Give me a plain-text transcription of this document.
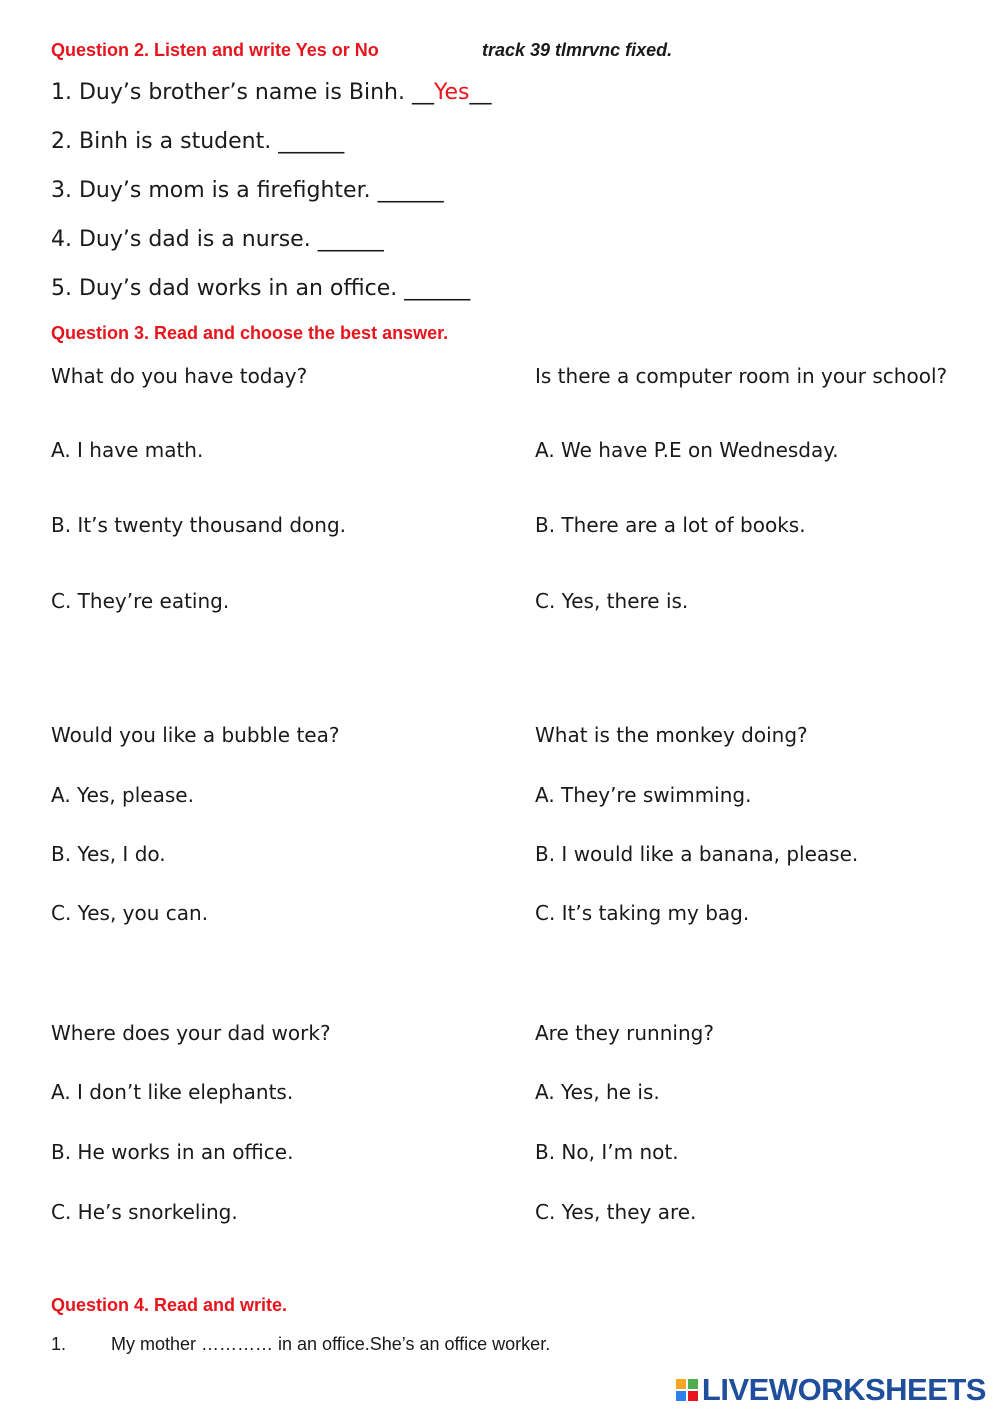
Question 2. Listen and write Yes or No	track 39 tlmrvnc fixed.
1. Duy’s brother’s name is Binh. __Yes__
2. Binh is a student. ______
3. Duy’s mom is a firefighter. ______
4. Duy’s dad is a nurse. ______
5. Duy’s dad works in an office. ______
Question 3. Read and choose the best answer.
What do you have today?
A. I have math.
B. It’s twenty thousand dong.
C. They’re eating.
Is there a computer room in your school?
A. We have P.E on Wednesday.
B. There are a lot of books.
C. Yes, there is.
Would you like a bubble tea?
A. Yes, please.
B. Yes, I do.
C. Yes, you can.
What is the monkey doing?
A. They’re swimming.
B. I would like a banana, please.
C. It’s taking my bag.
Where does your dad work?
A. I don’t like elephants.
B. He works in an office.
C. He’s snorkeling.
Are they running?
A. Yes, he is.
B. No, I’m not.
C. Yes, they are.
Question 4. Read and write.
1. My mother ………… in an office.She’s an office worker.
LIVEWORKSHEETS
